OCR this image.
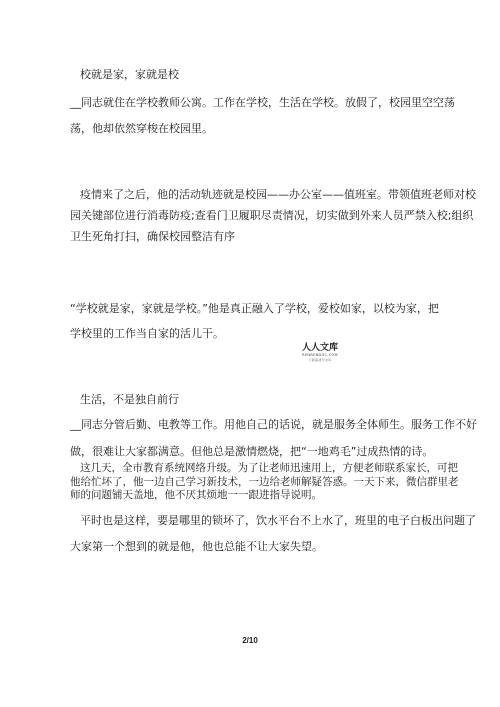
校就是家，家就是校
__同志就住在学校教师公寓。工作在学校，生活在学校。放假了，校园里空空荡
荡，他却依然穿梭在校园里。
疫情来了之后，他的活动轨迹就是校园——办公室——值班室。带领值班老师对校
园关键部位进行消毒防疫;查看门卫履职尽责情况，切实做到外来人员严禁入校;组织
卫生死角打扫，确保校园整洁有序
“学校就是家，家就是学校。”他是真正融入了学校，爱校如家，以校为家，把
学校里的工作当自家的活儿干。
人人文库
RENRENDOC.COM
下载高清无水印
生活，不是独自前行
__同志分管后勤、电教等工作。用他自己的话说，就是服务全体师生。服务工作不好
做，很难让大家都满意。但他总是激情燃烧，把“一地鸡毛”过成热情的诗。
这几天，全市教育系统网络升级。为了让老师迅速用上，方便老师联系家长，可把
他给忙坏了，他一边自己学习新技术，一边给老师解疑答惑。一天下来，微信群里老
师的问题铺天盖地，他不厌其烦地一一跟进指导说明。
平时也是这样，要是哪里的锁坏了，饮水平台不上水了，班里的电子白板出问题了
大家第一个想到的就是他，他也总能不让大家失望。
2/10
